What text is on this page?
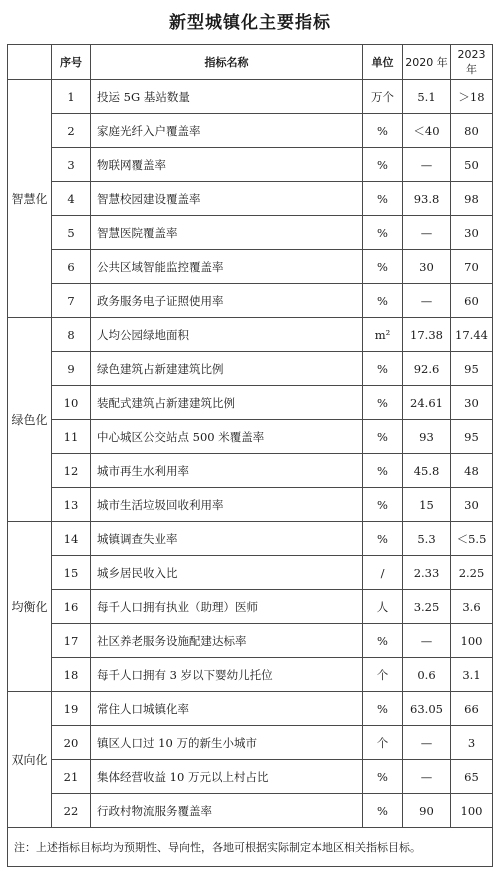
新型城镇化主要指标
	序号	指标名称	单位	2020 年	2023 年
智慧化	1	投运 5G 基站数量	万个	5.1	＞18
	2	家庭光纤入户覆盖率	%	＜40	80
	3	物联网覆盖率	%	—	50
	4	智慧校园建设覆盖率	%	93.8	98
	5	智慧医院覆盖率	%	—	30
	6	公共区域智能监控覆盖率	%	30	70
	7	政务服务电子证照使用率	%	—	60
绿色化	8	人均公园绿地面积	m²	17.38	17.44
	9	绿色建筑占新建建筑比例	%	92.6	95
	10	装配式建筑占新建建筑比例	%	24.61	30
	11	中心城区公交站点 500 米覆盖率	%	93	95
	12	城市再生水利用率	%	45.8	48
	13	城市生活垃圾回收利用率	%	15	30
均衡化	14	城镇调查失业率	%	5.3	＜5.5
	15	城乡居民收入比	/	2.33	2.25
	16	每千人口拥有执业（助理）医师	人	3.25	3.6
	17	社区养老服务设施配建达标率	%	—	100
	18	每千人口拥有 3 岁以下婴幼儿托位	个	0.6	3.1
双向化	19	常住人口城镇化率	%	63.05	66
	20	镇区人口过 10 万的新生小城市	个	—	3
	21	集体经营收益 10 万元以上村占比	%	—	65
	22	行政村物流服务覆盖率	%	90	100
注：上述指标目标均为预期性、导向性，各地可根据实际制定本地区相关指标目标。					
